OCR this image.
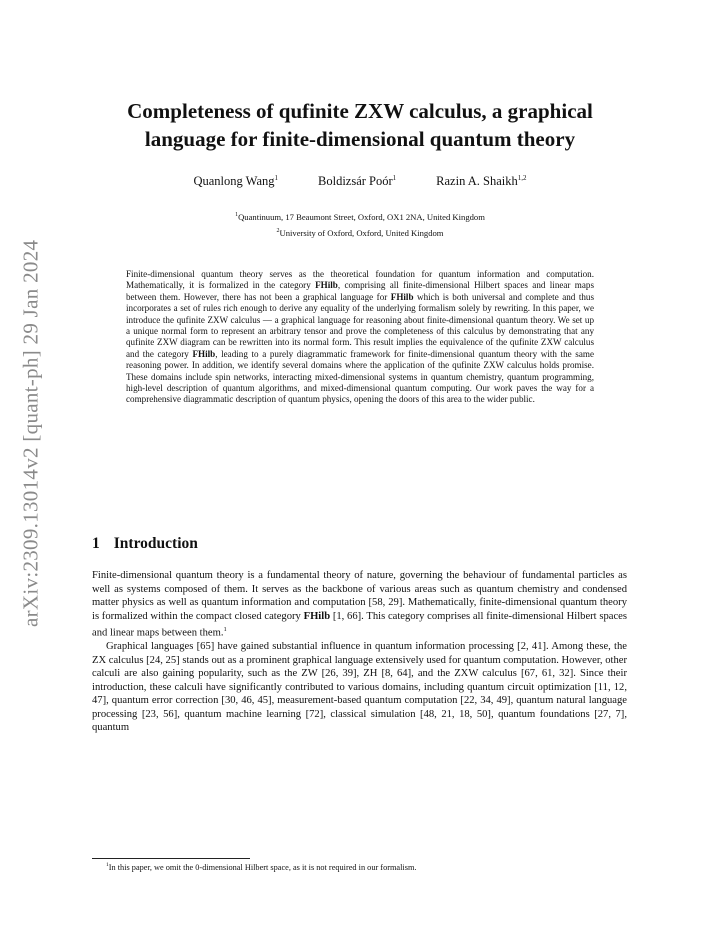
arXiv:2309.13014v2 [quant-ph] 29 Jan 2024
Completeness of qufinite ZXW calculus, a graphical
language for finite-dimensional quantum theory
Quanlong Wang$^1$	Boldizsár Poór$^1$	Razin A. Shaikh$^{1,2}$
$^1$Quantinuum, 17 Beaumont Street, Oxford, OX1 2NA, United Kingdom
$^2$University of Oxford, Oxford, United Kingdom
Finite-dimensional quantum theory serves as the theoretical foundation for quantum information and computation. Mathematically, it is formalized in the category FHilb, comprising all finite-dimensional Hilbert spaces and linear maps between them. However, there has not been a graphical language for FHilb which is both universal and complete and thus incorporates a set of rules rich enough to derive any equality of the underlying formalism solely by rewriting. In this paper, we introduce the qufinite ZXW calculus — a graphical language for reasoning about finite-dimensional quantum theory. We set up a unique normal form to represent an arbitrary tensor and prove the completeness of this calculus by demonstrating that any qufinite ZXW diagram can be rewritten into its normal form. This result implies the equivalence of the qufinite ZXW calculus and the category FHilb, leading to a purely diagrammatic framework for finite-dimensional quantum theory with the same reasoning power. In addition, we identify several domains where the application of the qufinite ZXW calculus holds promise. These domains include spin networks, interacting mixed-dimensional systems in quantum chemistry, quantum programming, high-level description of quantum algorithms, and mixed-dimensional quantum computing. Our work paves the way for a comprehensive diagrammatic description of quantum physics, opening the doors of this area to the wider public.
1 Introduction

Finite-dimensional quantum theory is a fundamental theory of nature, governing the behaviour of fundamental particles as well as systems composed of them. It serves as the backbone of various areas such as quantum chemistry and condensed matter physics as well as quantum information and computation [58, 29]. Mathematically, finite-dimensional quantum theory is formalized within the compact closed category FHilb [1, 66]. This category comprises all finite-dimensional Hilbert spaces and linear maps between them.$^1$

Graphical languages [65] have gained substantial influence in quantum information processing [2, 41]. Among these, the ZX calculus [24, 25] stands out as a prominent graphical language extensively used for quantum computation. However, other calculi are also gaining popularity, such as the ZW [26, 39], ZH [8, 64], and the ZXW calculus [67, 61, 32]. Since their introduction, these calculi have significantly contributed to various domains, including quantum circuit optimization [11, 12, 47], quantum error correction [30, 46, 45], measurement-based quantum computation [22, 34, 49], quantum natural language processing [23, 56], quantum machine learning [72], classical simulation [48, 21, 18, 50], quantum foundations [27, 7], quantum

$^1$In this paper, we omit the 0-dimensional Hilbert space, as it is not required in our formalism.
